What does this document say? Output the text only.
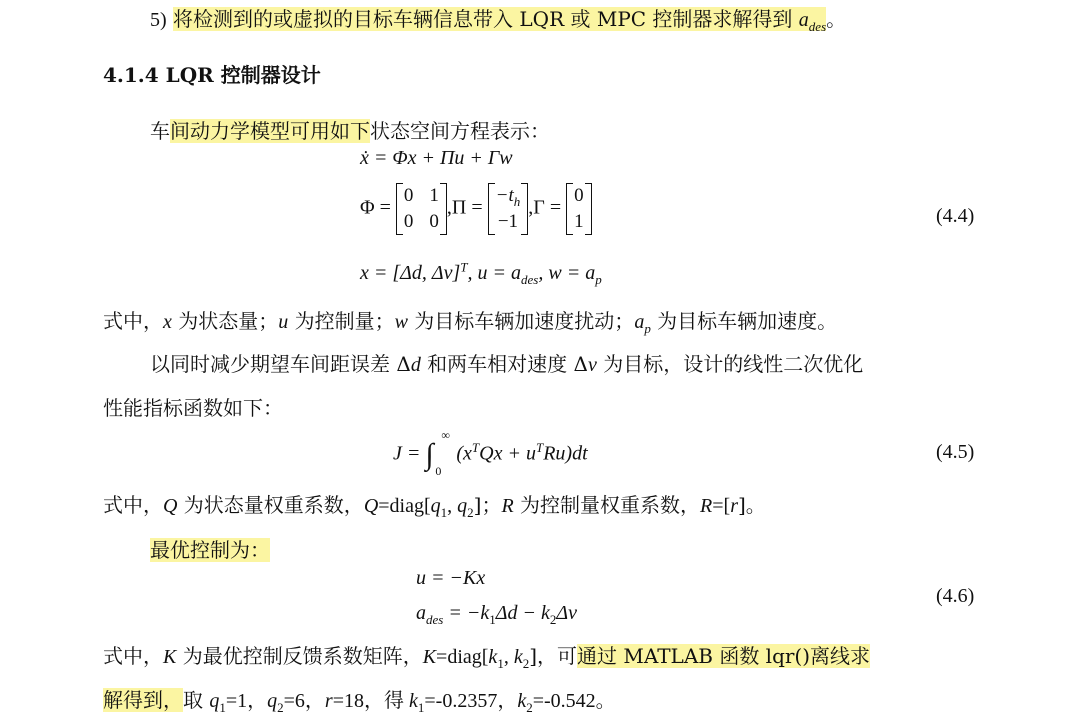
5) 将检测到的或虚拟的目标车辆信息带入 LQR 或 MPC 控制器求解得到 $a_{des}$。
4.1.4 LQR 控制器设计
车间动力学模型可用如下状态空间方程表示：
ẋ = Φx + Πu + Γw
Φ =
0	1
0	0
,Π =
$-t_h$
−1
,Γ =
0
1	(4.4)
x = [Δd, Δv]$^T$, $u = a_{des}$, $w = a_p$
式中，x 为状态量；u 为控制量；w 为目标车辆加速度扰动；$a_p$ 为目标车辆加速度。
以同时减少期望车间距误差 Δd 和两车相对速度 Δv 为目标，设计的线性二次优化
性能指标函数如下：
J = ∫
∞
0
$(x^TQx + u^TRu)dt$	(4.5)
式中，Q 为状态量权重系数，$Q=diag[q_1$, $q_2$]；R 为控制量权重系数，R=[r]。
最优控制为：
u = −Kx
$a_{des} = -k_1\Delta d - k_2\Delta v$
(4.6)
式中，K 为最优控制反馈系数矩阵，$K=diag[k_1$, $k_2$]，可通过 MATLAB 函数 lqr()离线求
解得到，取 $q_1=1$，$q_2=6$，r=18，得 $k_1=-0.2357$，$k_2=-0.542$。
